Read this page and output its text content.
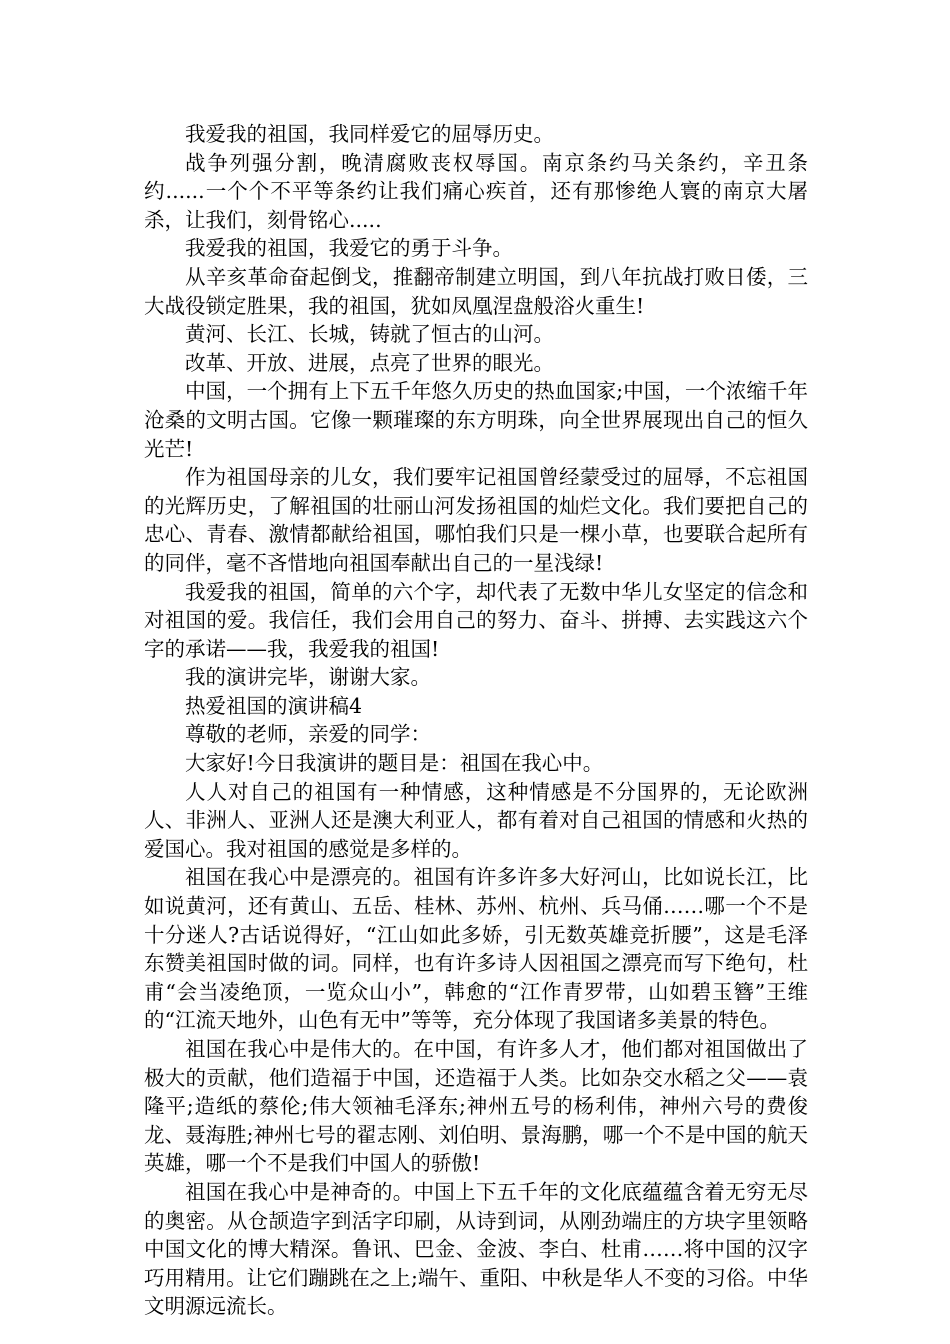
我爱我的祖国，我同样爱它的屈辱历史。

战争列强分割，晚清腐败丧权辱国。南京条约马关条约，辛丑条约......一个个不平等条约让我们痛心疾首，还有那惨绝人寰的南京大屠杀，让我们，刻骨铭心.....

我爱我的祖国，我爱它的勇于斗争。

从辛亥革命奋起倒戈，推翻帝制建立明国，到八年抗战打败日倭，三大战役锁定胜果，我的祖国，犹如凤凰涅盘般浴火重生!

黄河、长江、长城，铸就了恒古的山河。

改革、开放、进展，点亮了世界的眼光。

中国，一个拥有上下五千年悠久历史的热血国家;中国，一个浓缩千年沧桑的文明古国。它像一颗璀璨的东方明珠，向全世界展现出自己的恒久光芒!

作为祖国母亲的儿女，我们要牢记祖国曾经蒙受过的屈辱，不忘祖国的光辉历史，了解祖国的壮丽山河发扬祖国的灿烂文化。我们要把自己的忠心、青春、激情都献给祖国，哪怕我们只是一棵小草，也要联合起所有的同伴，毫不吝惜地向祖国奉献出自己的一星浅绿!

我爱我的祖国，简单的六个字，却代表了无数中华儿女坚定的信念和对祖国的爱。我信任，我们会用自己的努力、奋斗、拼搏、去实践这六个字的承诺——我，我爱我的祖国!

我的演讲完毕，谢谢大家。

热爱祖国的演讲稿4

尊敬的老师，亲爱的同学：

大家好!今日我演讲的题目是：祖国在我心中。

人人对自己的祖国有一种情感，这种情感是不分国界的，无论欧洲人、非洲人、亚洲人还是澳大利亚人，都有着对自己祖国的情感和火热的爱国心。我对祖国的感觉是多样的。

祖国在我心中是漂亮的。祖国有许多许多大好河山，比如说长江，比如说黄河，还有黄山、五岳、桂林、苏州、杭州、兵马俑……哪一个不是十分迷人?古话说得好，“江山如此多娇，引无数英雄竞折腰”，这是毛泽东赞美祖国时做的词。同样，也有许多诗人因祖国之漂亮而写下绝句，杜甫“会当凌绝顶，一览众山小”，韩愈的“江作青罗带，山如碧玉簪”王维的“江流天地外，山色有无中”等等，充分体现了我国诸多美景的特色。

祖国在我心中是伟大的。在中国，有许多人才，他们都对祖国做出了极大的贡献，他们造福于中国，还造福于人类。比如杂交水稻之父——袁隆平;造纸的蔡伦;伟大领袖毛泽东;神州五号的杨利伟，神州六号的费俊龙、聂海胜;神州七号的翟志刚、刘伯明、景海鹏，哪一个不是中国的航天英雄，哪一个不是我们中国人的骄傲!

祖国在我心中是神奇的。中国上下五千年的文化底蕴蕴含着无穷无尽的奥密。从仓颉造字到活字印刷，从诗到词，从刚劲端庄的方块字里领略中国文化的博大精深。鲁讯、巴金、金波、李白、杜甫……将中国的汉字巧用精用。让它们蹦跳在之上;端午、重阳、中秋是华人不变的习俗。中华文明源远流长。
